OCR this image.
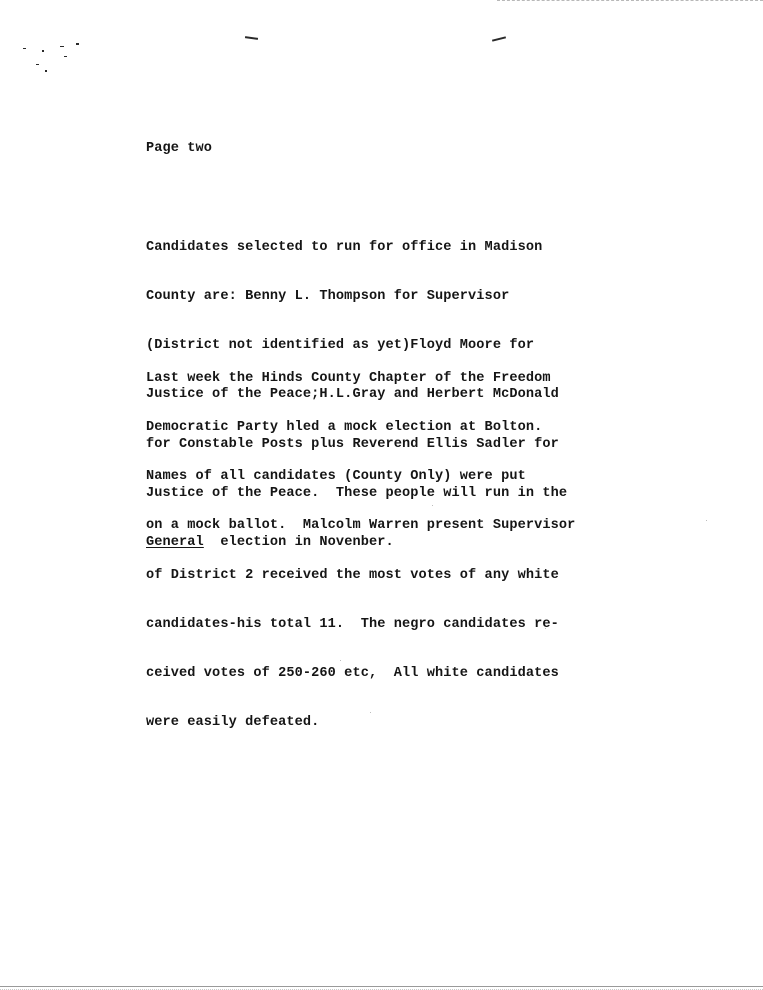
Page two

Candidates selected to run for office in Madison

County are: Benny L. Thompson for Supervisor

(District not identified as yet)Floyd Moore for

Justice of the Peace;H.L.Gray and Herbert McDonald

for Constable Posts plus Reverend Ellis Sadler for

Justice of the Peace.  These people will run in the

General  election in Novenber.

Last week the Hinds County Chapter of the Freedom

Democratic Party hled a mock election at Bolton.

Names of all candidates (County Only) were put

on a mock ballot.  Malcolm Warren present Supervisor

of District 2 received the most votes of any white

candidates-his total 11.  The negro candidates re-

ceived votes of 250-260 etc,  All white candidates

were easily defeated.
